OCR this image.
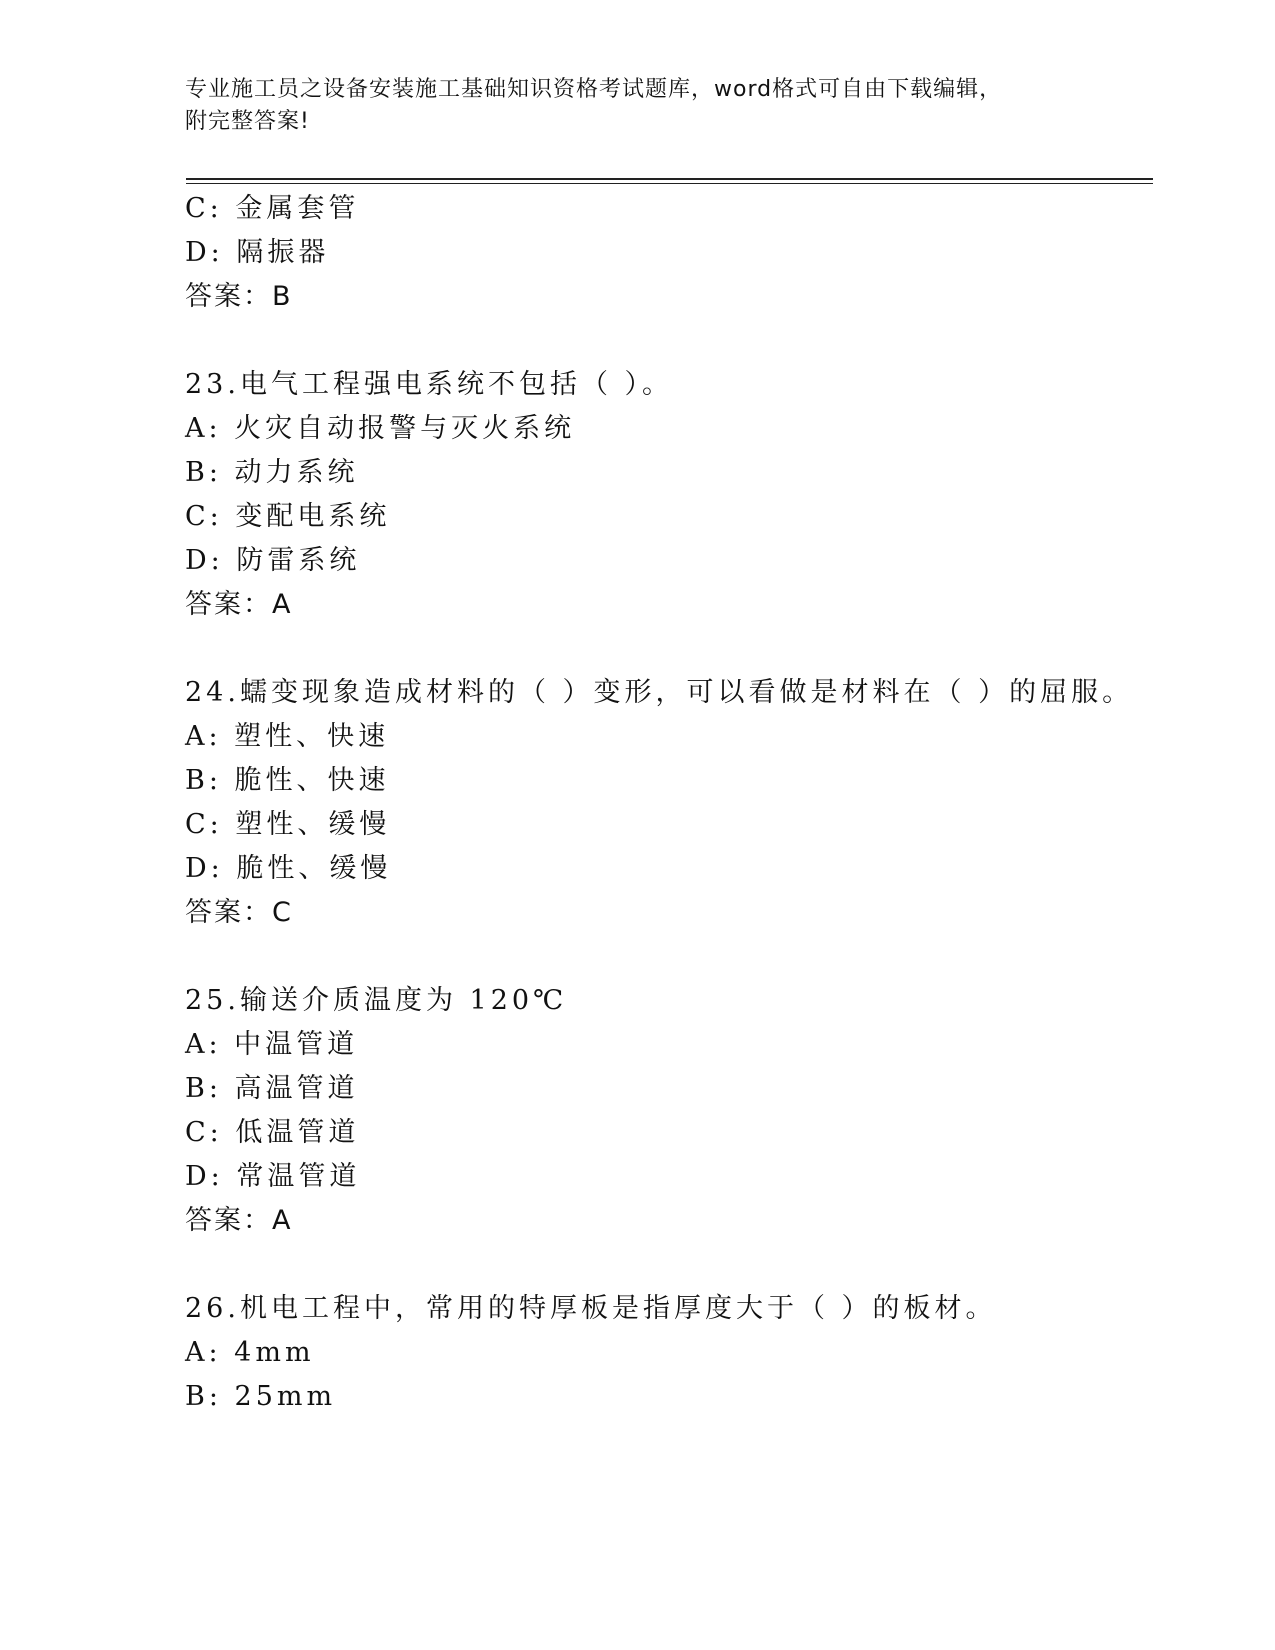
专业施工员之设备安装施工基础知识资格考试题库，word格式可自由下载编辑，
附完整答案!
C: 金属套管
D: 隔振器
答案：B
23.电气工程强电系统不包括（ ）。
A: 火灾自动报警与灭火系统
B: 动力系统
C: 变配电系统
D: 防雷系统
答案：A
24.蠕变现象造成材料的（ ）变形，可以看做是材料在（ ）的屈服。
A: 塑性、快速
B: 脆性、快速
C: 塑性、缓慢
D: 脆性、缓慢
答案：C
25.输送介质温度为 120℃
A: 中温管道
B: 高温管道
C: 低温管道
D: 常温管道
答案：A
26.机电工程中，常用的特厚板是指厚度大于（ ）的板材。
A: 4mm
B: 25mm
